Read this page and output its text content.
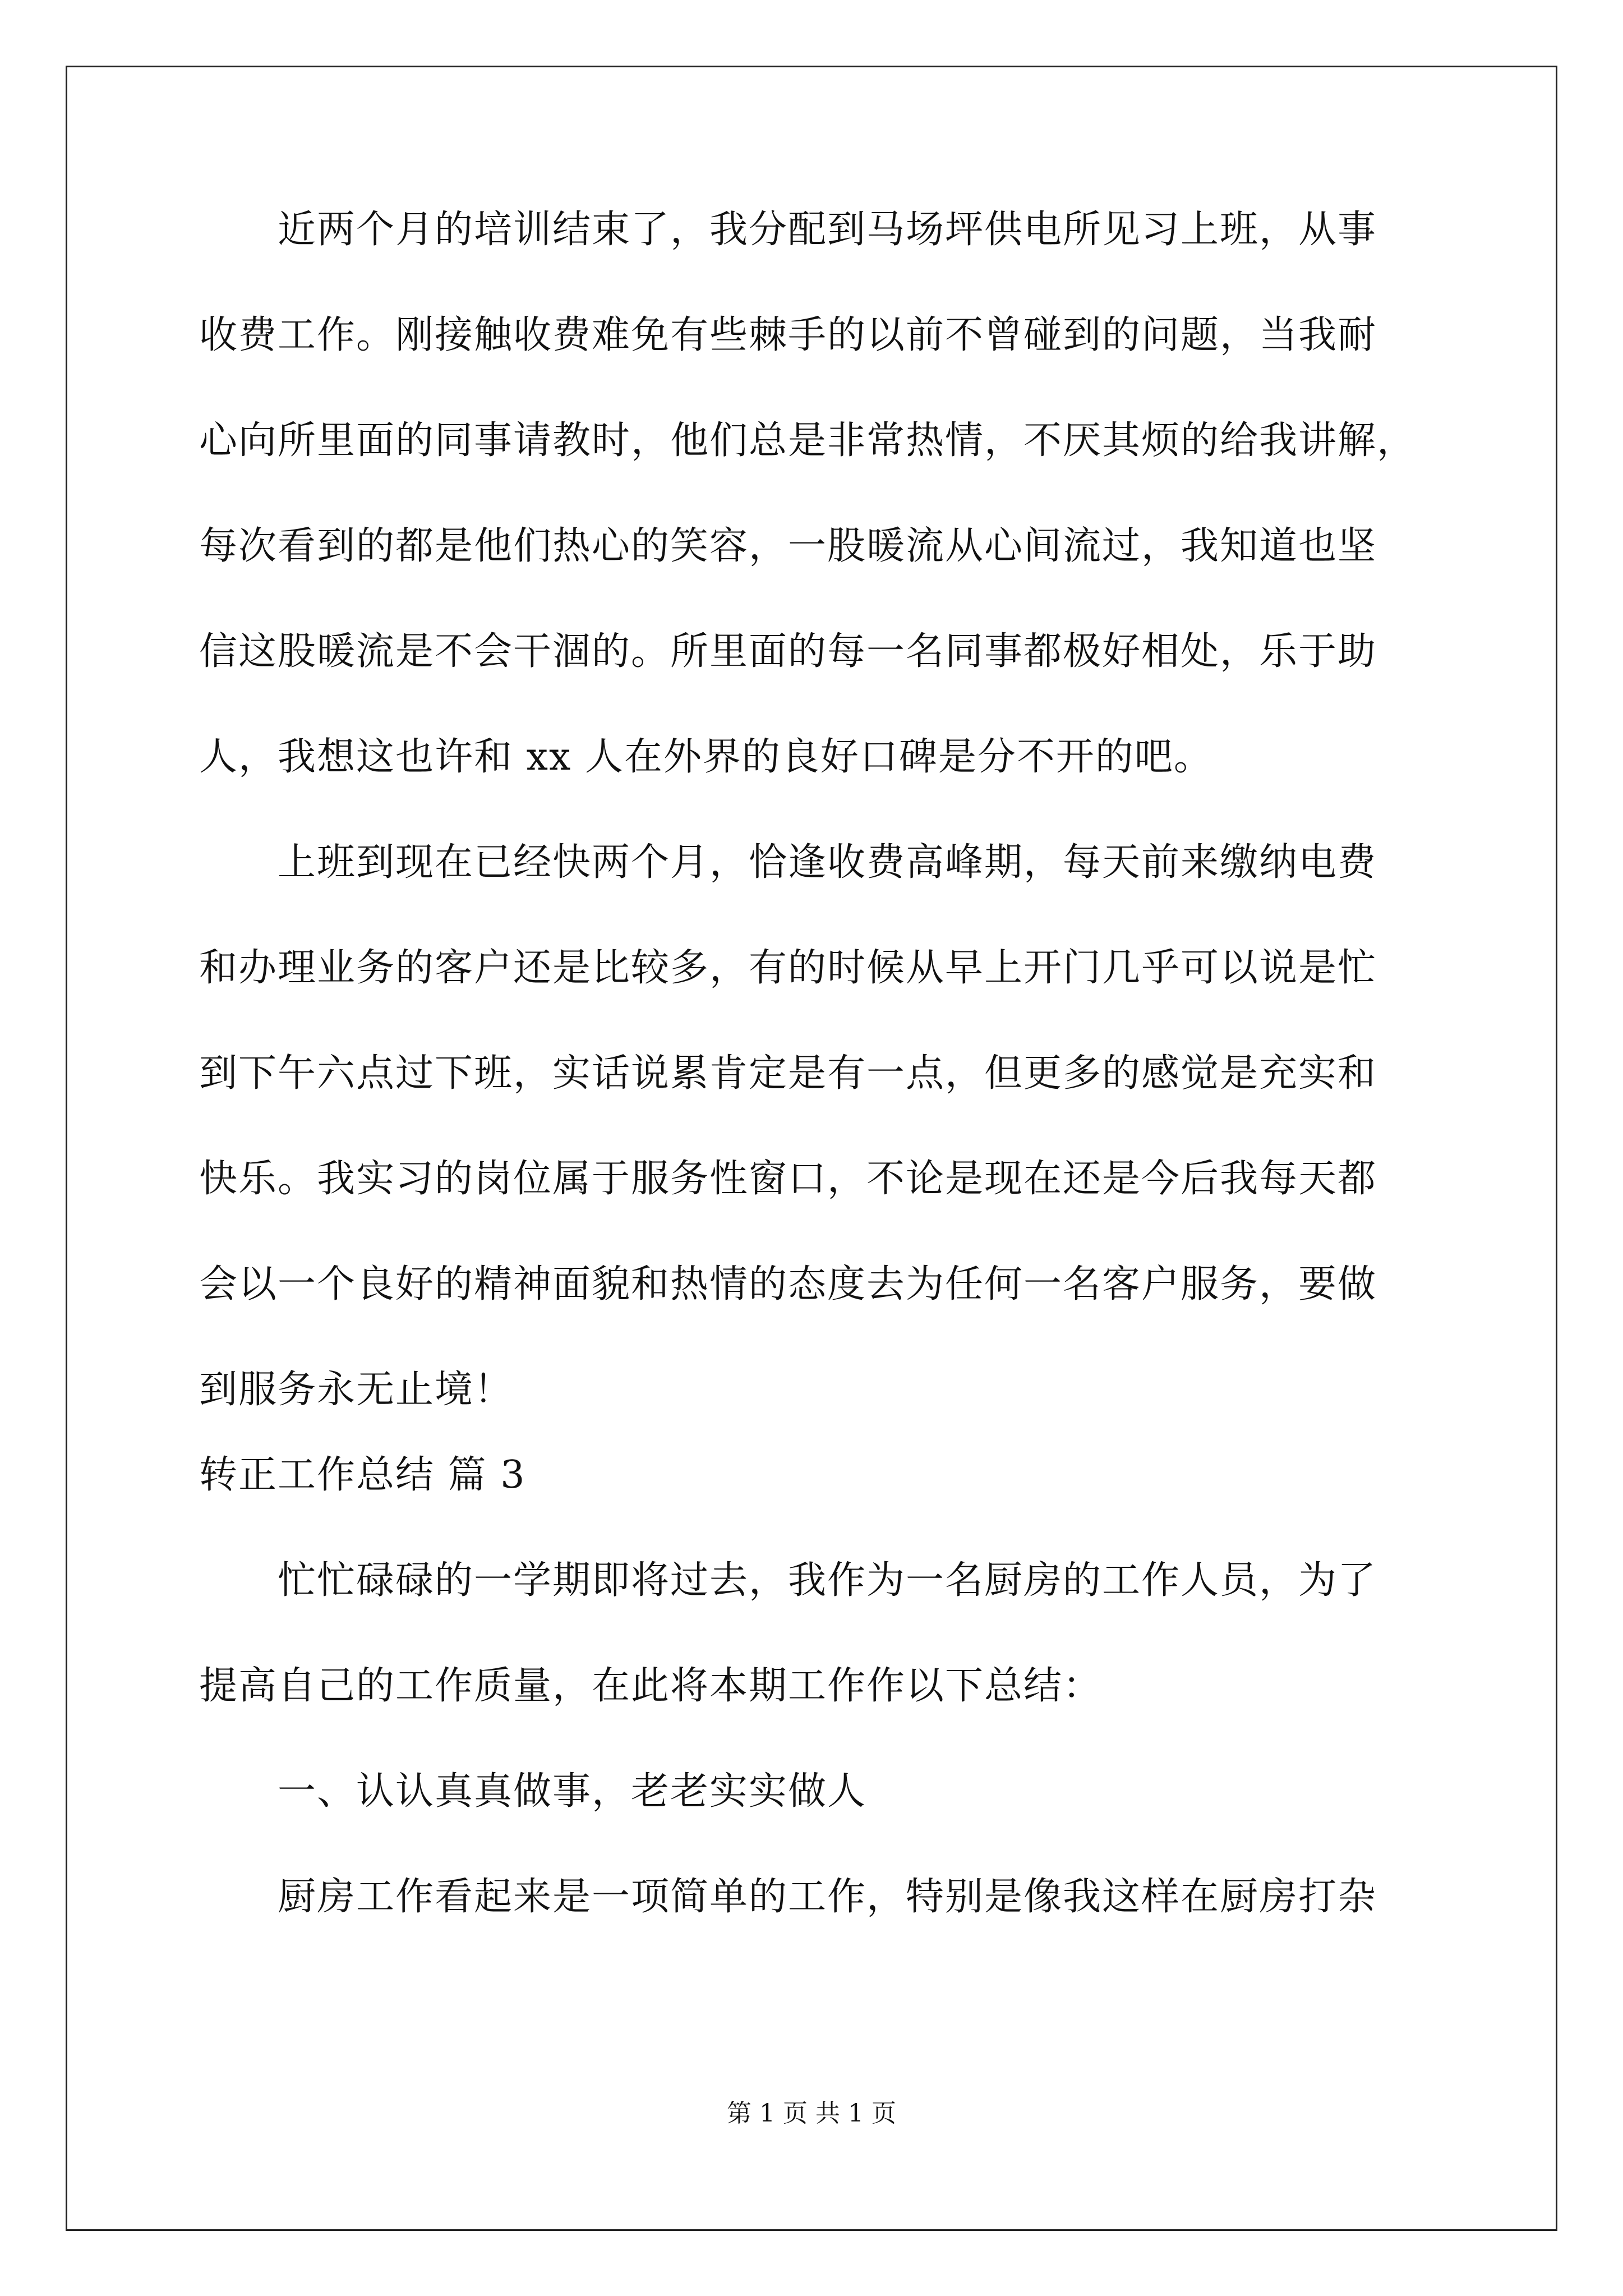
　　近两个月的培训结束了，我分配到马场坪供电所见习上班，从事
收费工作。刚接触收费难免有些棘手的以前不曾碰到的问题，当我耐
心向所里面的同事请教时，他们总是非常热情，不厌其烦的给我讲解，
每次看到的都是他们热心的笑容，一股暖流从心间流过，我知道也坚
信这股暖流是不会干涸的。所里面的每一名同事都极好相处，乐于助
人，我想这也许和 xx 人在外界的良好口碑是分不开的吧。
　　上班到现在已经快两个月，恰逢收费高峰期，每天前来缴纳电费
和办理业务的客户还是比较多，有的时候从早上开门几乎可以说是忙
到下午六点过下班，实话说累肯定是有一点，但更多的感觉是充实和
快乐。我实习的岗位属于服务性窗口，不论是现在还是今后我每天都
会以一个良好的精神面貌和热情的态度去为任何一名客户服务，要做
到服务永无止境！
转正工作总结 篇 3
　　忙忙碌碌的一学期即将过去，我作为一名厨房的工作人员，为了
提高自己的工作质量，在此将本期工作作以下总结：
　　一、认认真真做事，老老实实做人
　　厨房工作看起来是一项简单的工作，特别是像我这样在厨房打杂
第 1 页 共 1 页
